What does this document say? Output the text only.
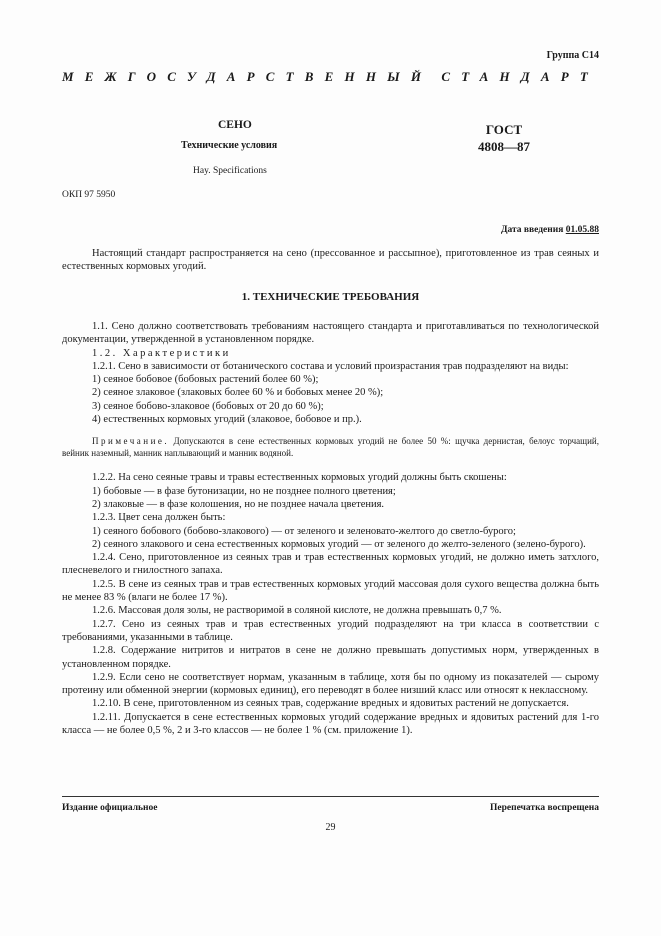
Группа С14
МЕЖГОСУДАРСТВЕННЫЙ СТАНДАРТ
СЕНО
Технические условия
Hay. Specifications
ГОСТ
4808—87
ОКП 97 5950
Дата введения 01.05.88

Настоящий стандарт распространяется на сено (прессованное и рассыпное), приготовленное из трав сеяных и естественных кормовых угодий.

1. ТЕХНИЧЕСКИЕ ТРЕБОВАНИЯ

1.1. Сено должно соответствовать требованиям настоящего стандарта и приготавливаться по технологической документации, утвержденной в установленном порядке.

1.2. Характеристики

1.2.1. Сено в зависимости от ботанического состава и условий произрастания трав подразделяют на виды:

1) сеяное бобовое (бобовых растений более 60 %);

2) сеяное злаковое (злаковых более 60 % и бобовых менее 20 %);

3) сеяное бобово-злаковое (бобовых от 20 до 60 %);

4) естественных кормовых угодий (злаковое, бобовое и пр.).

Примечание. Допускаются в сене естественных кормовых угодий не более 50 %: щучка дернистая, белоус торчащий, вейник наземный, манник наплывающий и манник водяной.

1.2.2. На сено сеяные травы и травы естественных кормовых угодий должны быть скошены:

1) бобовые — в фазе бутонизации, но не позднее полного цветения;

2) злаковые — в фазе колошения, но не позднее начала цветения.

1.2.3. Цвет сена должен быть:

1) сеяного бобового (бобово-злакового) — от зеленого и зеленовато-желтого до светло-бурого;

2) сеяного злакового и сена естественных кормовых угодий — от зеленого до желто-зеленого (зелено-бурого).

1.2.4. Сено, приготовленное из сеяных трав и трав естественных кормовых угодий, не должно иметь затхлого, плесневелого и гнилостного запаха.

1.2.5. В сене из сеяных трав и трав естественных кормовых угодий массовая доля сухого вещества должна быть не менее 83 % (влаги не более 17 %).

1.2.6. Массовая доля золы, не растворимой в соляной кислоте, не должна превышать 0,7 %.

1.2.7. Сено из сеяных трав и трав естественных угодий подразделяют на три класса в соответствии с требованиями, указанными в таблице.

1.2.8. Содержание нитритов и нитратов в сене не должно превышать допустимых норм, утвержденных в установленном порядке.

1.2.9. Если сено не соответствует нормам, указанным в таблице, хотя бы по одному из показателей — сырому протеину или обменной энергии (кормовых единиц), его переводят в более низший класс или относят к неклассному.

1.2.10. В сене, приготовленном из сеяных трав, содержание вредных и ядовитых растений не допускается.

1.2.11. Допускается в сене естественных кормовых угодий содержание вредных и ядовитых растений для 1-го класса — не более 0,5 %, 2 и 3-го классов — не более 1 % (см. приложение 1).

Издание официальное	Перепечатка воспрещена
29
